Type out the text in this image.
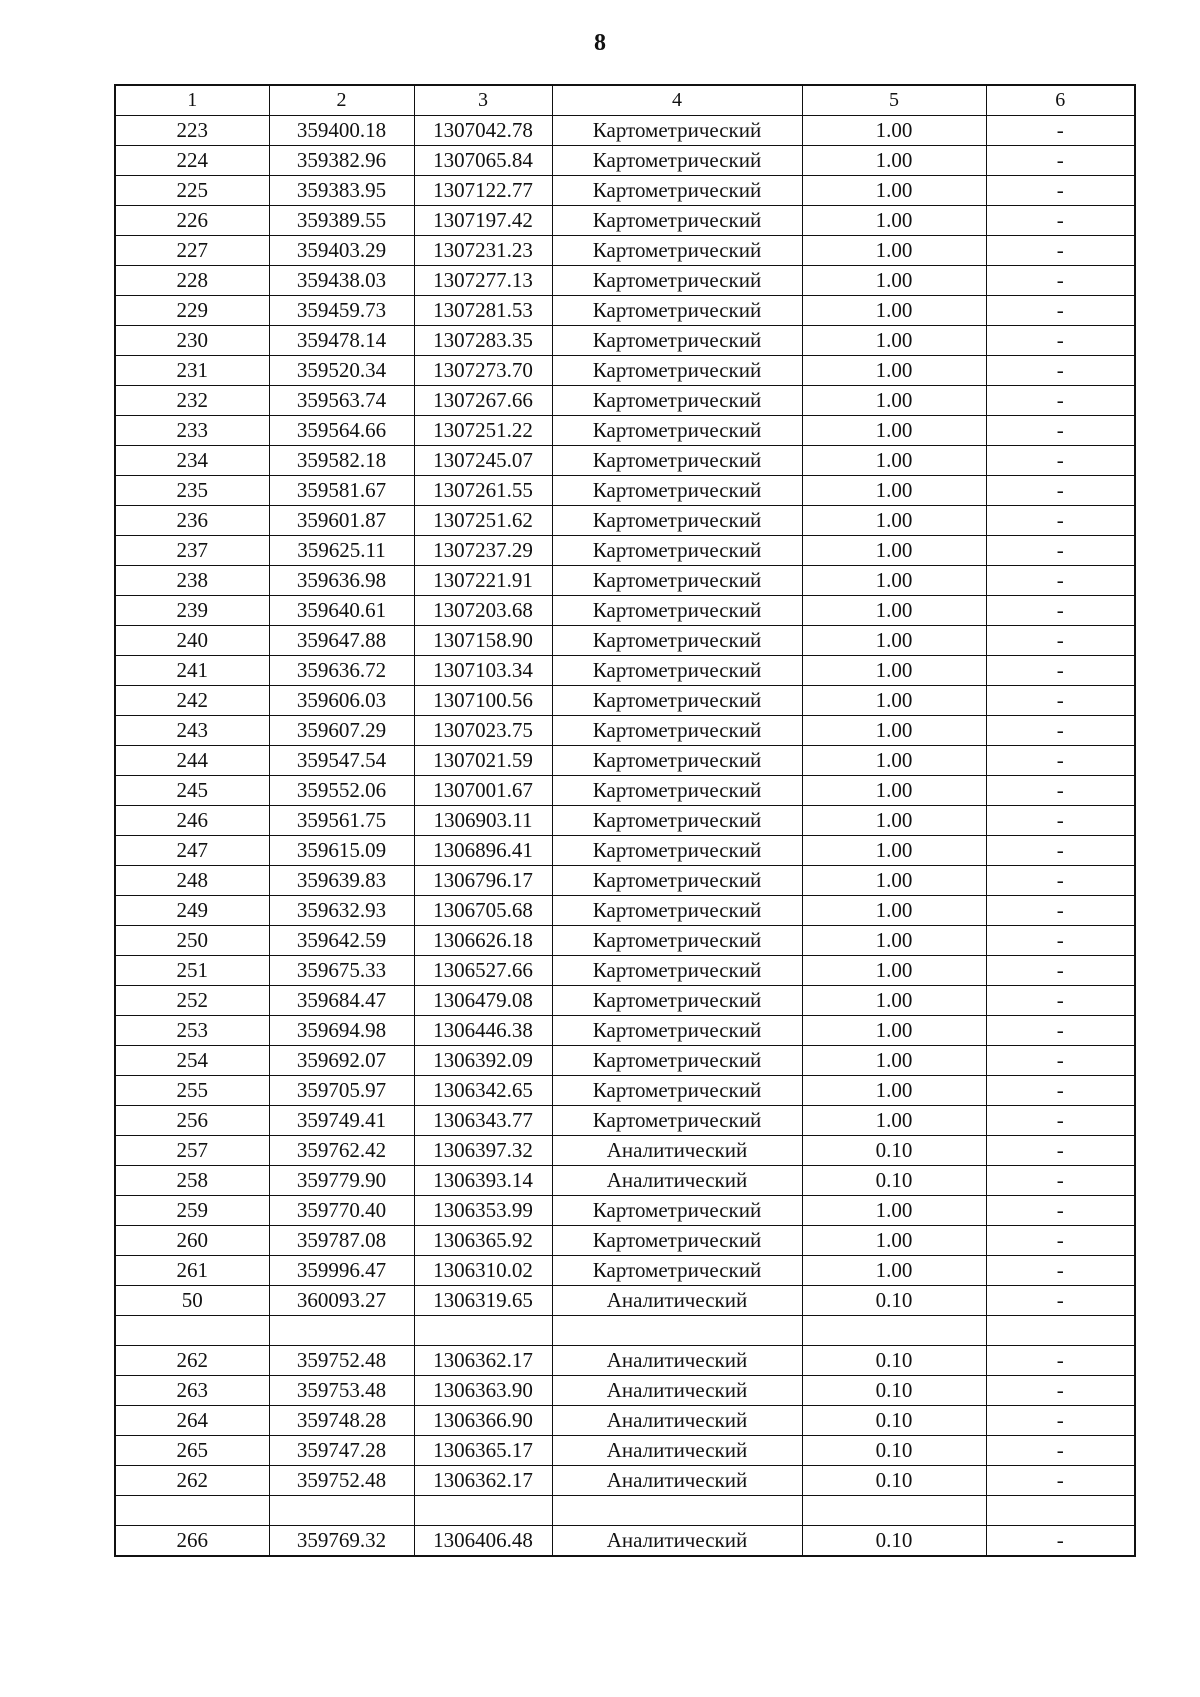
8
1	2	3	4	5	6
223	359400.18	1307042.78	Картометрический	1.00	-
224	359382.96	1307065.84	Картометрический	1.00	-
225	359383.95	1307122.77	Картометрический	1.00	-
226	359389.55	1307197.42	Картометрический	1.00	-
227	359403.29	1307231.23	Картометрический	1.00	-
228	359438.03	1307277.13	Картометрический	1.00	-
229	359459.73	1307281.53	Картометрический	1.00	-
230	359478.14	1307283.35	Картометрический	1.00	-
231	359520.34	1307273.70	Картометрический	1.00	-
232	359563.74	1307267.66	Картометрический	1.00	-
233	359564.66	1307251.22	Картометрический	1.00	-
234	359582.18	1307245.07	Картометрический	1.00	-
235	359581.67	1307261.55	Картометрический	1.00	-
236	359601.87	1307251.62	Картометрический	1.00	-
237	359625.11	1307237.29	Картометрический	1.00	-
238	359636.98	1307221.91	Картометрический	1.00	-
239	359640.61	1307203.68	Картометрический	1.00	-
240	359647.88	1307158.90	Картометрический	1.00	-
241	359636.72	1307103.34	Картометрический	1.00	-
242	359606.03	1307100.56	Картометрический	1.00	-
243	359607.29	1307023.75	Картометрический	1.00	-
244	359547.54	1307021.59	Картометрический	1.00	-
245	359552.06	1307001.67	Картометрический	1.00	-
246	359561.75	1306903.11	Картометрический	1.00	-
247	359615.09	1306896.41	Картометрический	1.00	-
248	359639.83	1306796.17	Картометрический	1.00	-
249	359632.93	1306705.68	Картометрический	1.00	-
250	359642.59	1306626.18	Картометрический	1.00	-
251	359675.33	1306527.66	Картометрический	1.00	-
252	359684.47	1306479.08	Картометрический	1.00	-
253	359694.98	1306446.38	Картометрический	1.00	-
254	359692.07	1306392.09	Картометрический	1.00	-
255	359705.97	1306342.65	Картометрический	1.00	-
256	359749.41	1306343.77	Картометрический	1.00	-
257	359762.42	1306397.32	Аналитический	0.10	-
258	359779.90	1306393.14	Аналитический	0.10	-
259	359770.40	1306353.99	Картометрический	1.00	-
260	359787.08	1306365.92	Картометрический	1.00	-
261	359996.47	1306310.02	Картометрический	1.00	-
50	360093.27	1306319.65	Аналитический	0.10	-

262	359752.48	1306362.17	Аналитический	0.10	-
263	359753.48	1306363.90	Аналитический	0.10	-
264	359748.28	1306366.90	Аналитический	0.10	-
265	359747.28	1306365.17	Аналитический	0.10	-
262	359752.48	1306362.17	Аналитический	0.10	-

266	359769.32	1306406.48	Аналитический	0.10	-
